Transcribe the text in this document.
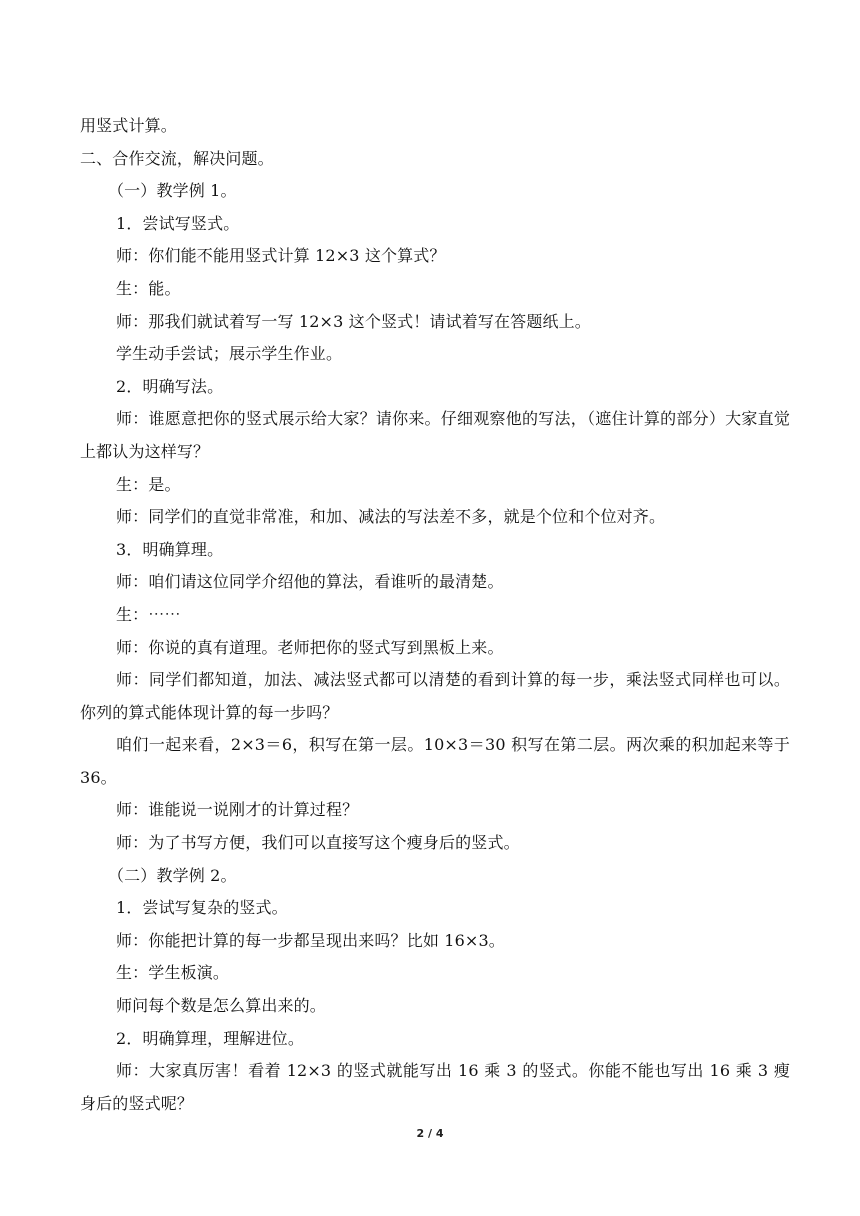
用竖式计算。
二、合作交流，解决问题。
（一）教学例 1。
1．尝试写竖式。
师：你们能不能用竖式计算 12×3 这个算式？
生：能。
师：那我们就试着写一写 12×3 这个竖式！请试着写在答题纸上。
学生动手尝试；展示学生作业。
2．明确写法。
师：谁愿意把你的竖式展示给大家？请你来。仔细观察他的写法，（遮住计算的部分）大家直觉上都认为这样写？
生：是。
师：同学们的直觉非常准，和加、减法的写法差不多，就是个位和个位对齐。
3．明确算理。
师：咱们请这位同学介绍他的算法，看谁听的最清楚。
生：⋯⋯
师：你说的真有道理。老师把你的竖式写到黑板上来。
师：同学们都知道，加法、减法竖式都可以清楚的看到计算的每一步，乘法竖式同样也可以。你列的算式能体现计算的每一步吗？
咱们一起来看，2×3＝6，积写在第一层。10×3＝30 积写在第二层。两次乘的积加起来等于 36。
师：谁能说一说刚才的计算过程？
师：为了书写方便，我们可以直接写这个瘦身后的竖式。
（二）教学例 2。
1．尝试写复杂的竖式。
师：你能把计算的每一步都呈现出来吗？比如 16×3。
生：学生板演。
师问每个数是怎么算出来的。
2．明确算理，理解进位。
师：大家真厉害！看着 12×3 的竖式就能写出 16 乘 3 的竖式。你能不能也写出 16 乘 3 瘦身后的竖式呢？
2 / 4
